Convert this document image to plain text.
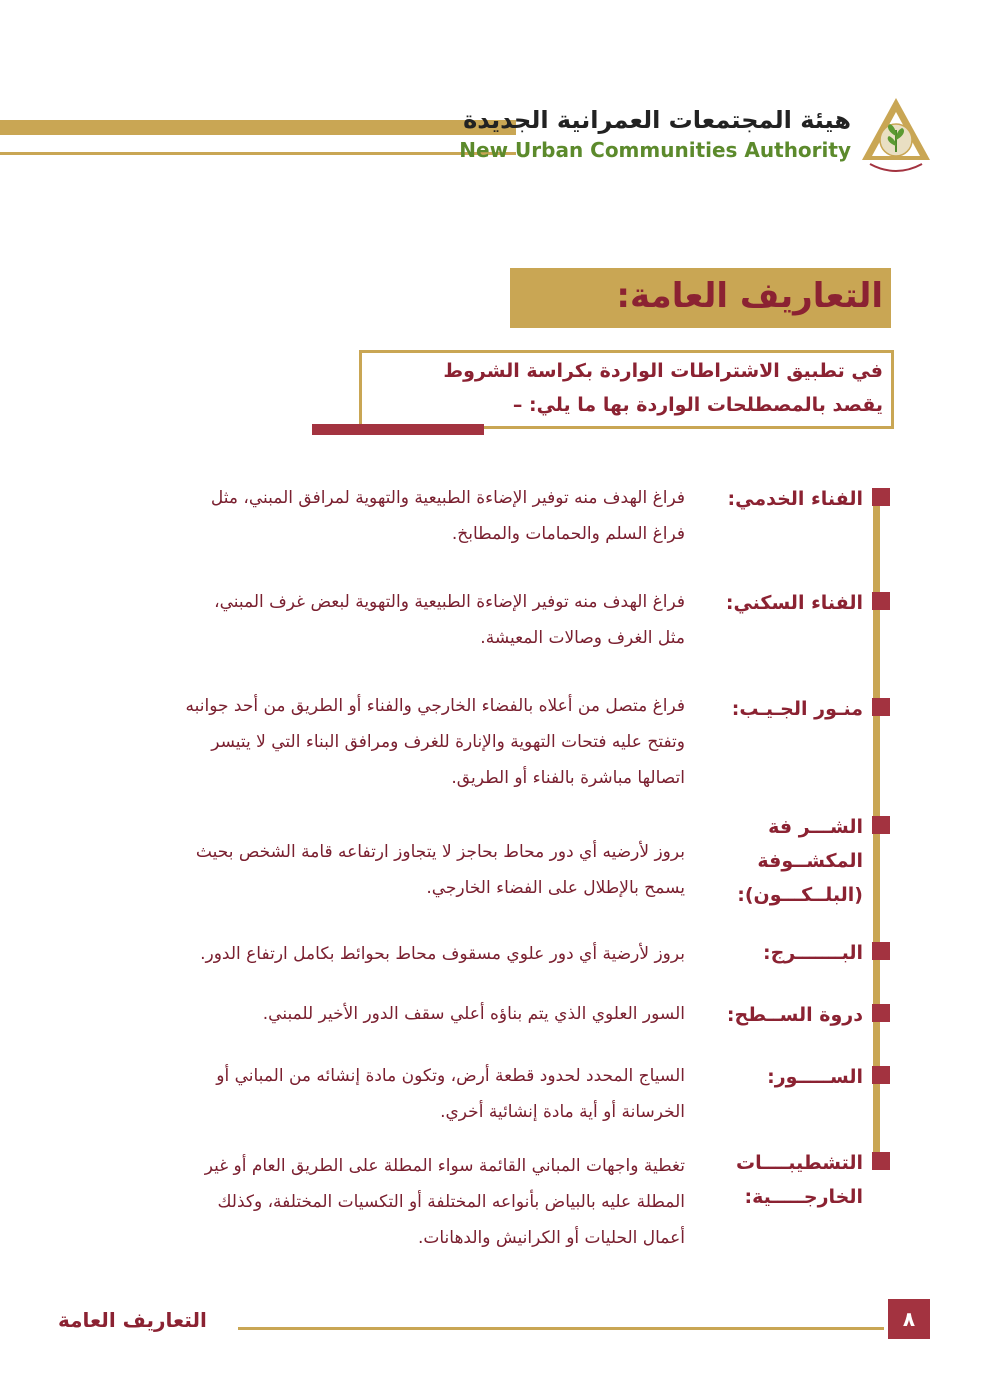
هيئة المجتمعات العمرانية الجديدة
New Urban Communities Authority
التعاريف العامة:
في تطبيق الاشتراطات الواردة بكراسة الشروط
يقصد بالمصطلحات الواردة بها ما يلي: –
الفناء الخدمي:
فراغ الهدف منه توفير الإضاءة الطبيعية والتهوية لمرافق المبني، مثل
فراغ السلم والحمامات والمطابخ.
الفناء السكني:
فراغ الهدف منه توفير الإضاءة الطبيعية والتهوية لبعض غرف المبني،
مثل الغرف وصالات المعيشة.
منـور الجـيـب:
فراغ متصل من أعلاه بالفضاء الخارجي والفناء أو الطريق من أحد جوانبه
وتفتح عليه فتحات التهوية والإنارة للغرف ومرافق البناء التي لا يتيسر
اتصالها مباشرة بالفناء أو الطريق.
الشـــر فة
المكشــوفة
(البلــكـــون):
بروز لأرضيه أي دور محاط بحاجز لا يتجاوز ارتفاعه قامة الشخص بحيث
يسمح بالإطلال على الفضاء الخارجي.
البـــــــرج:
بروز لأرضية أي دور علوي مسقوف محاط بحوائط بكامل ارتفاع الدور.
دروة الســطح:
السور العلوي الذي يتم بناؤه أعلي سقف الدور الأخير للمبني.
الســـــور:
السياج المحدد لحدود قطعة أرض، وتكون مادة إنشائه من المباني أو
الخرسانة أو أية مادة إنشائية أخري.
التشطيبــــات
الخارجـــــية:
تغطية واجهات المباني القائمة سواء المطلة على الطريق العام أو غير
المطلة عليه بالبياض بأنواعه المختلفة أو التكسيات المختلفة، وكذلك
أعمال الحليات أو الكرانيش والدهانات.
التعاريف العامة	٨
